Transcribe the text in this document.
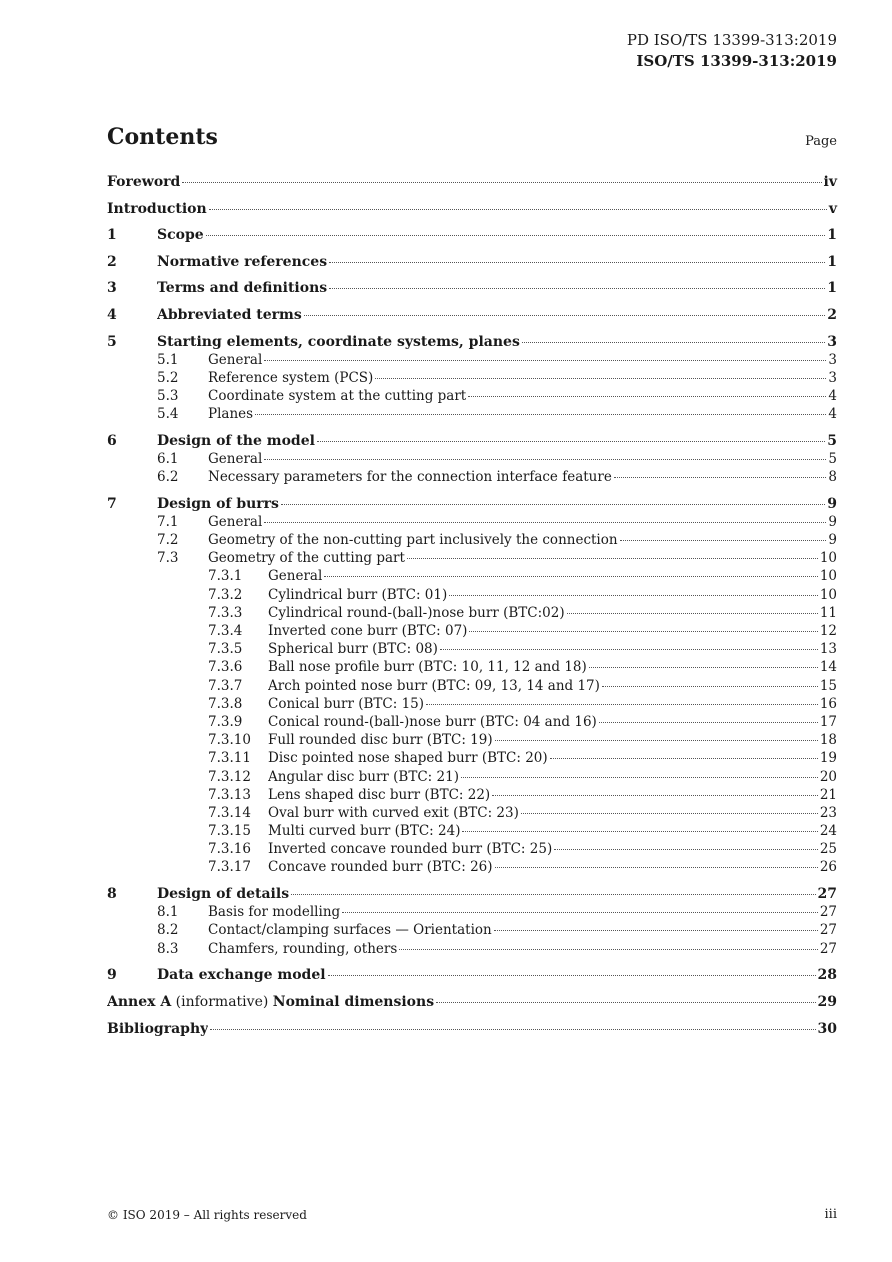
PD ISO/TS 13399-313:2019
ISO/TS 13399-313:2019
Contents	Page
Foreword	iv
Introduction	v
1	Scope	1
2	Normative references	1
3	Terms and definitions	1
4	Abbreviated terms	2
5	Starting elements, coordinate systems, planes	3
5.1	General	3
5.2	Reference system (PCS)	3
5.3	Coordinate system at the cutting part	4
5.4	Planes	4
6	Design of the model	5
6.1	General	5
6.2	Necessary parameters for the connection interface feature	8
7	Design of burrs	9
7.1	General	9
7.2	Geometry of the non-cutting part inclusively the connection	9
7.3	Geometry of the cutting part	10
7.3.1	General	10
7.3.2	Cylindrical burr (BTC: 01)	10
7.3.3	Cylindrical round-(ball-)nose burr (BTC:02)	11
7.3.4	Inverted cone burr (BTC: 07)	12
7.3.5	Spherical burr (BTC: 08)	13
7.3.6	Ball nose profile burr (BTC: 10, 11, 12 and 18)	14
7.3.7	Arch pointed nose burr (BTC: 09, 13, 14 and 17)	15
7.3.8	Conical burr (BTC: 15)	16
7.3.9	Conical round-(ball-)nose burr (BTC: 04 and 16)	17
7.3.10	Full rounded disc burr (BTC: 19)	18
7.3.11	Disc pointed nose shaped burr (BTC: 20)	19
7.3.12	Angular disc burr (BTC: 21)	20
7.3.13	Lens shaped disc burr (BTC: 22)	21
7.3.14	Oval burr with curved exit (BTC: 23)	23
7.3.15	Multi curved burr (BTC: 24)	24
7.3.16	Inverted concave rounded burr (BTC: 25)	25
7.3.17	Concave rounded burr (BTC: 26)	26
8	Design of details	27
8.1	Basis for modelling	27
8.2	Contact/clamping surfaces — Orientation	27
8.3	Chamfers, rounding, others	27
9	Data exchange model	28
Annex A (informative) Nominal dimensions	29
Bibliography	30
© ISO 2019 – All rights reserved	iii
